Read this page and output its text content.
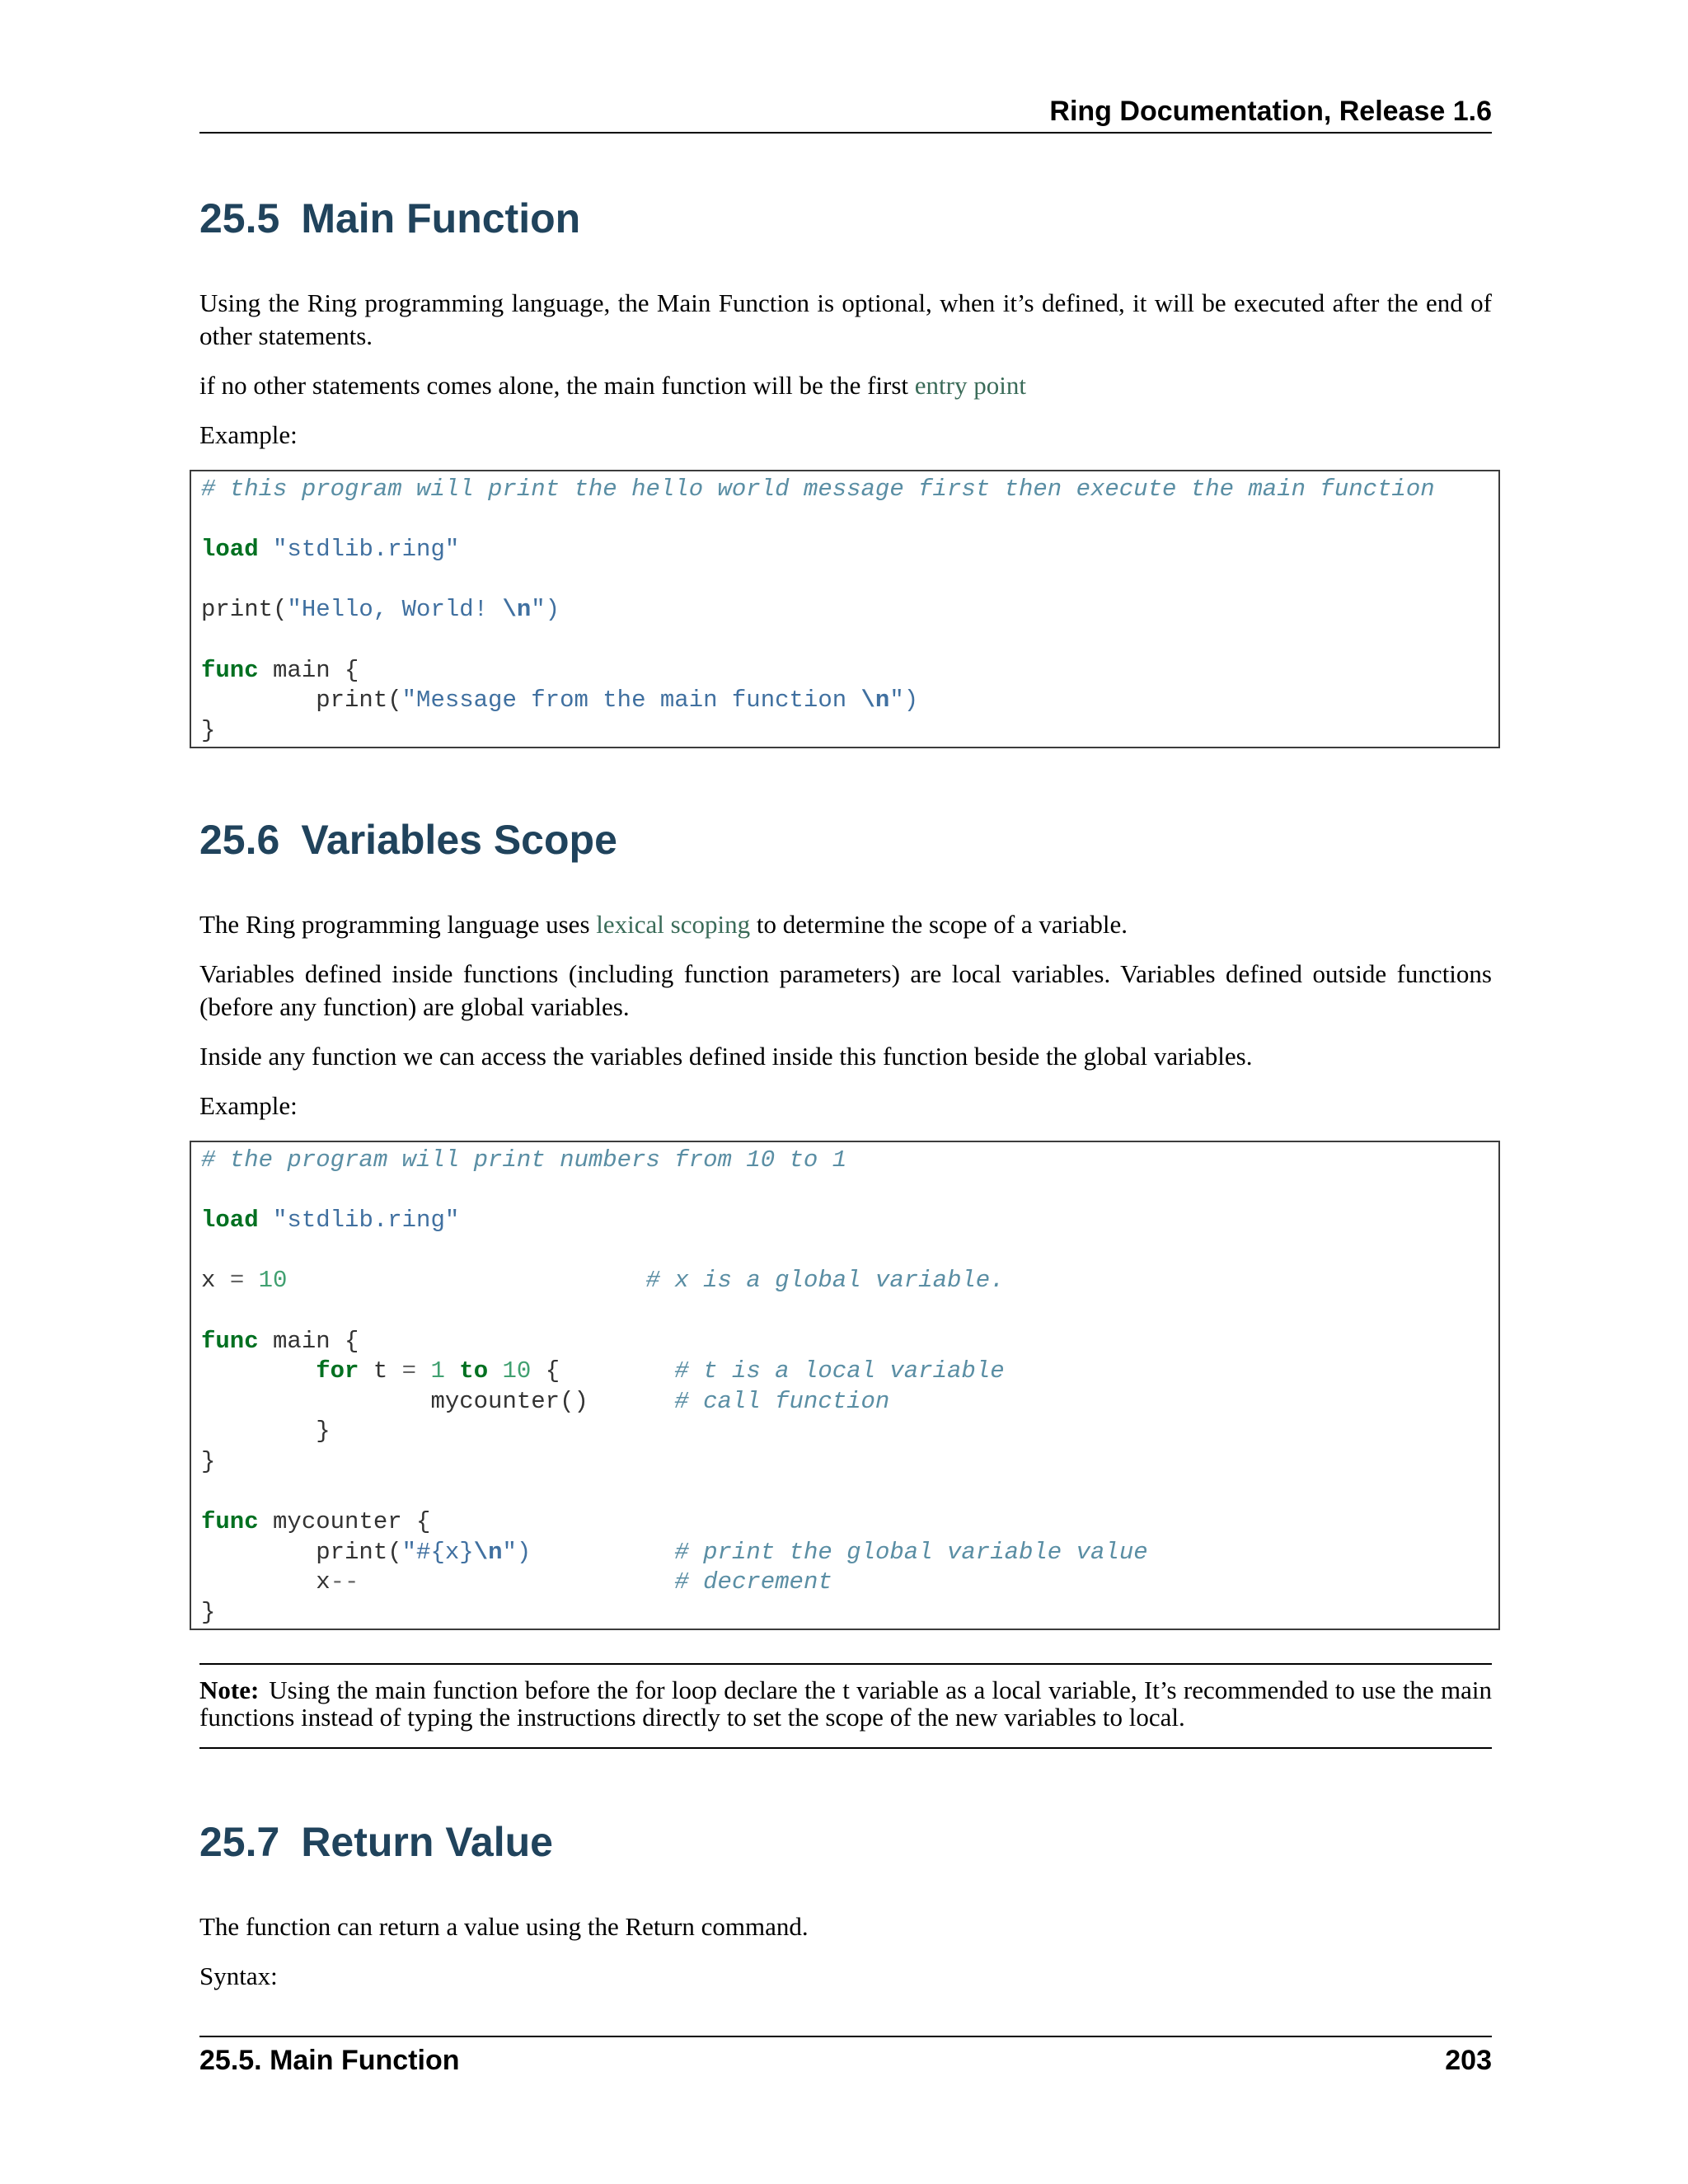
Ring Documentation, Release 1.6
25.5 Main Function

Using the Ring programming language, the Main Function is optional, when it’s defined, it will be executed after the end of other statements.

if no other statements comes alone, the main function will be the first entry point

Example:

# this program will print the hello world message first then execute the main function
load "stdlib.ring"
print("Hello, World! \n")
func main {
print("Message from the main function \n")
}
25.6 Variables Scope

The Ring programming language uses lexical scoping to determine the scope of a variable.

Variables defined inside functions (including function parameters) are local variables. Variables defined outside functions (before any function) are global variables.

Inside any function we can access the variables defined inside this function beside the global variables.

Example:

# the program will print numbers from 10 to 1
load "stdlib.ring"
x = 10	# x is a global variable.
func main {
for t = 1 to 10 {        # t is a local variable
mycounter()      # call function
}
}
func mycounter {
print("#{x}\n")	# print the global variable value
x--	# decrement
}
Note: Using the main function before the for loop declare the t variable as a local variable, It’s recommended to use the main functions instead of typing the instructions directly to set the scope of the new variables to local.
25.7 Return Value

The function can return a value using the Return command.

Syntax:

25.5. Main Function	203
